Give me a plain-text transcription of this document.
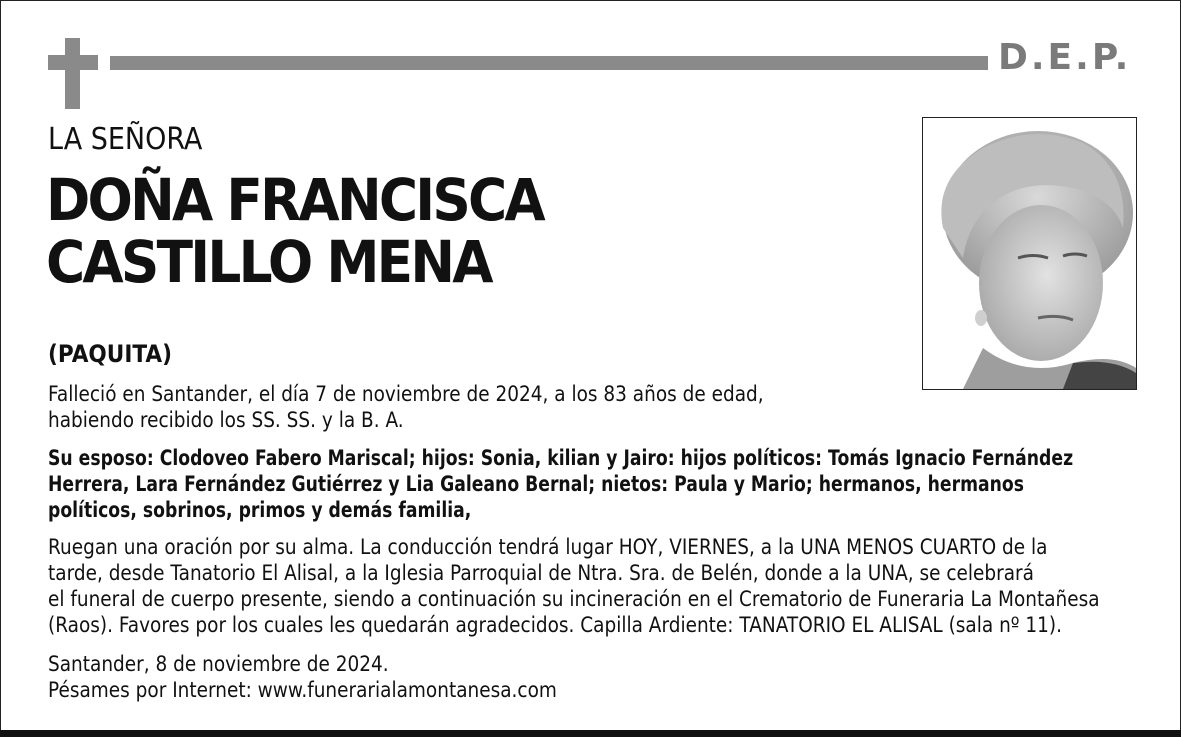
D.E.P.
LA SEÑORA
DOÑA FRANCISCA
CASTILLO MENA
(PAQUITA)
Falleció en Santander, el día 7 de noviembre de 2024, a los 83 años de edad,
habiendo recibido los SS. SS. y la B. A.
Su esposo: Clodoveo Fabero Mariscal; hijos: Sonia, kilian y Jairo: hijos políticos: Tomás Ignacio Fernández
Herrera, Lara Fernández Gutiérrez y Lia Galeano Bernal; nietos: Paula y Mario; hermanos, hermanos
políticos, sobrinos, primos y demás familia,
Ruegan una oración por su alma. La conducción tendrá lugar HOY, VIERNES, a la UNA MENOS CUARTO de la
tarde, desde Tanatorio El Alisal, a la Iglesia Parroquial de Ntra. Sra. de Belén, donde a la UNA, se celebrará
el funeral de cuerpo presente, siendo a continuación su incineración en el Crematorio de Funeraria La Montañesa
(Raos). Favores por los cuales les quedarán agradecidos. Capilla Ardiente: TANATORIO EL ALISAL (sala nº 11).
Santander, 8 de noviembre de 2024.
Pésames por Internet: www.funerarialamontanesa.com
